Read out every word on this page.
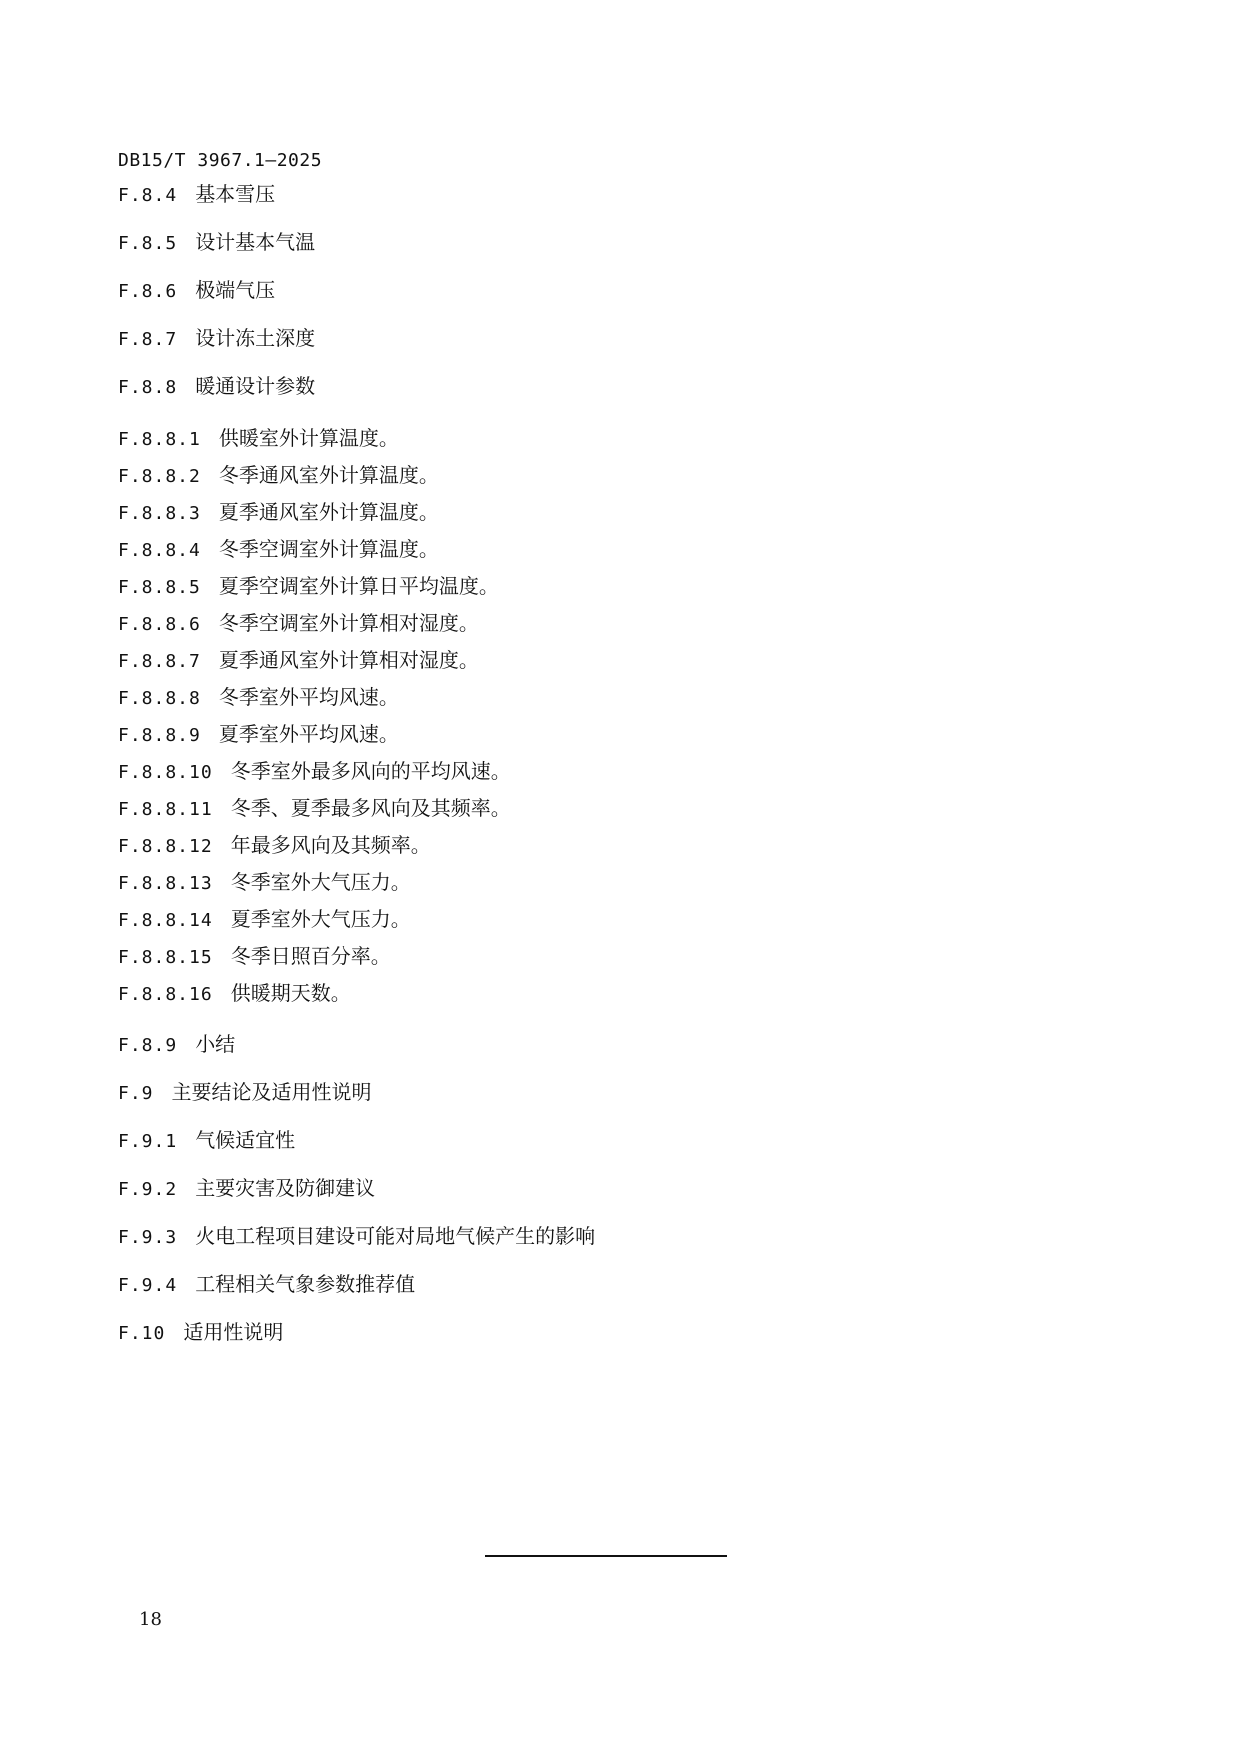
DB15/T 3967.1—2025
F.8.4 基本雪压
F.8.5 设计基本气温
F.8.6 极端气压
F.8.7 设计冻土深度
F.8.8 暖通设计参数
F.8.8.1 供暖室外计算温度。
F.8.8.2 冬季通风室外计算温度。
F.8.8.3 夏季通风室外计算温度。
F.8.8.4 冬季空调室外计算温度。
F.8.8.5 夏季空调室外计算日平均温度。
F.8.8.6 冬季空调室外计算相对湿度。
F.8.8.7 夏季通风室外计算相对湿度。
F.8.8.8 冬季室外平均风速。
F.8.8.9 夏季室外平均风速。
F.8.8.10 冬季室外最多风向的平均风速。
F.8.8.11 冬季、夏季最多风向及其频率。
F.8.8.12 年最多风向及其频率。
F.8.8.13 冬季室外大气压力。
F.8.8.14 夏季室外大气压力。
F.8.8.15 冬季日照百分率。
F.8.8.16 供暖期天数。
F.8.9 小结
F.9 主要结论及适用性说明
F.9.1 气候适宜性
F.9.2 主要灾害及防御建议
F.9.3 火电工程项目建设可能对局地气候产生的影响
F.9.4 工程相关气象参数推荐值
F.10 适用性说明
18
